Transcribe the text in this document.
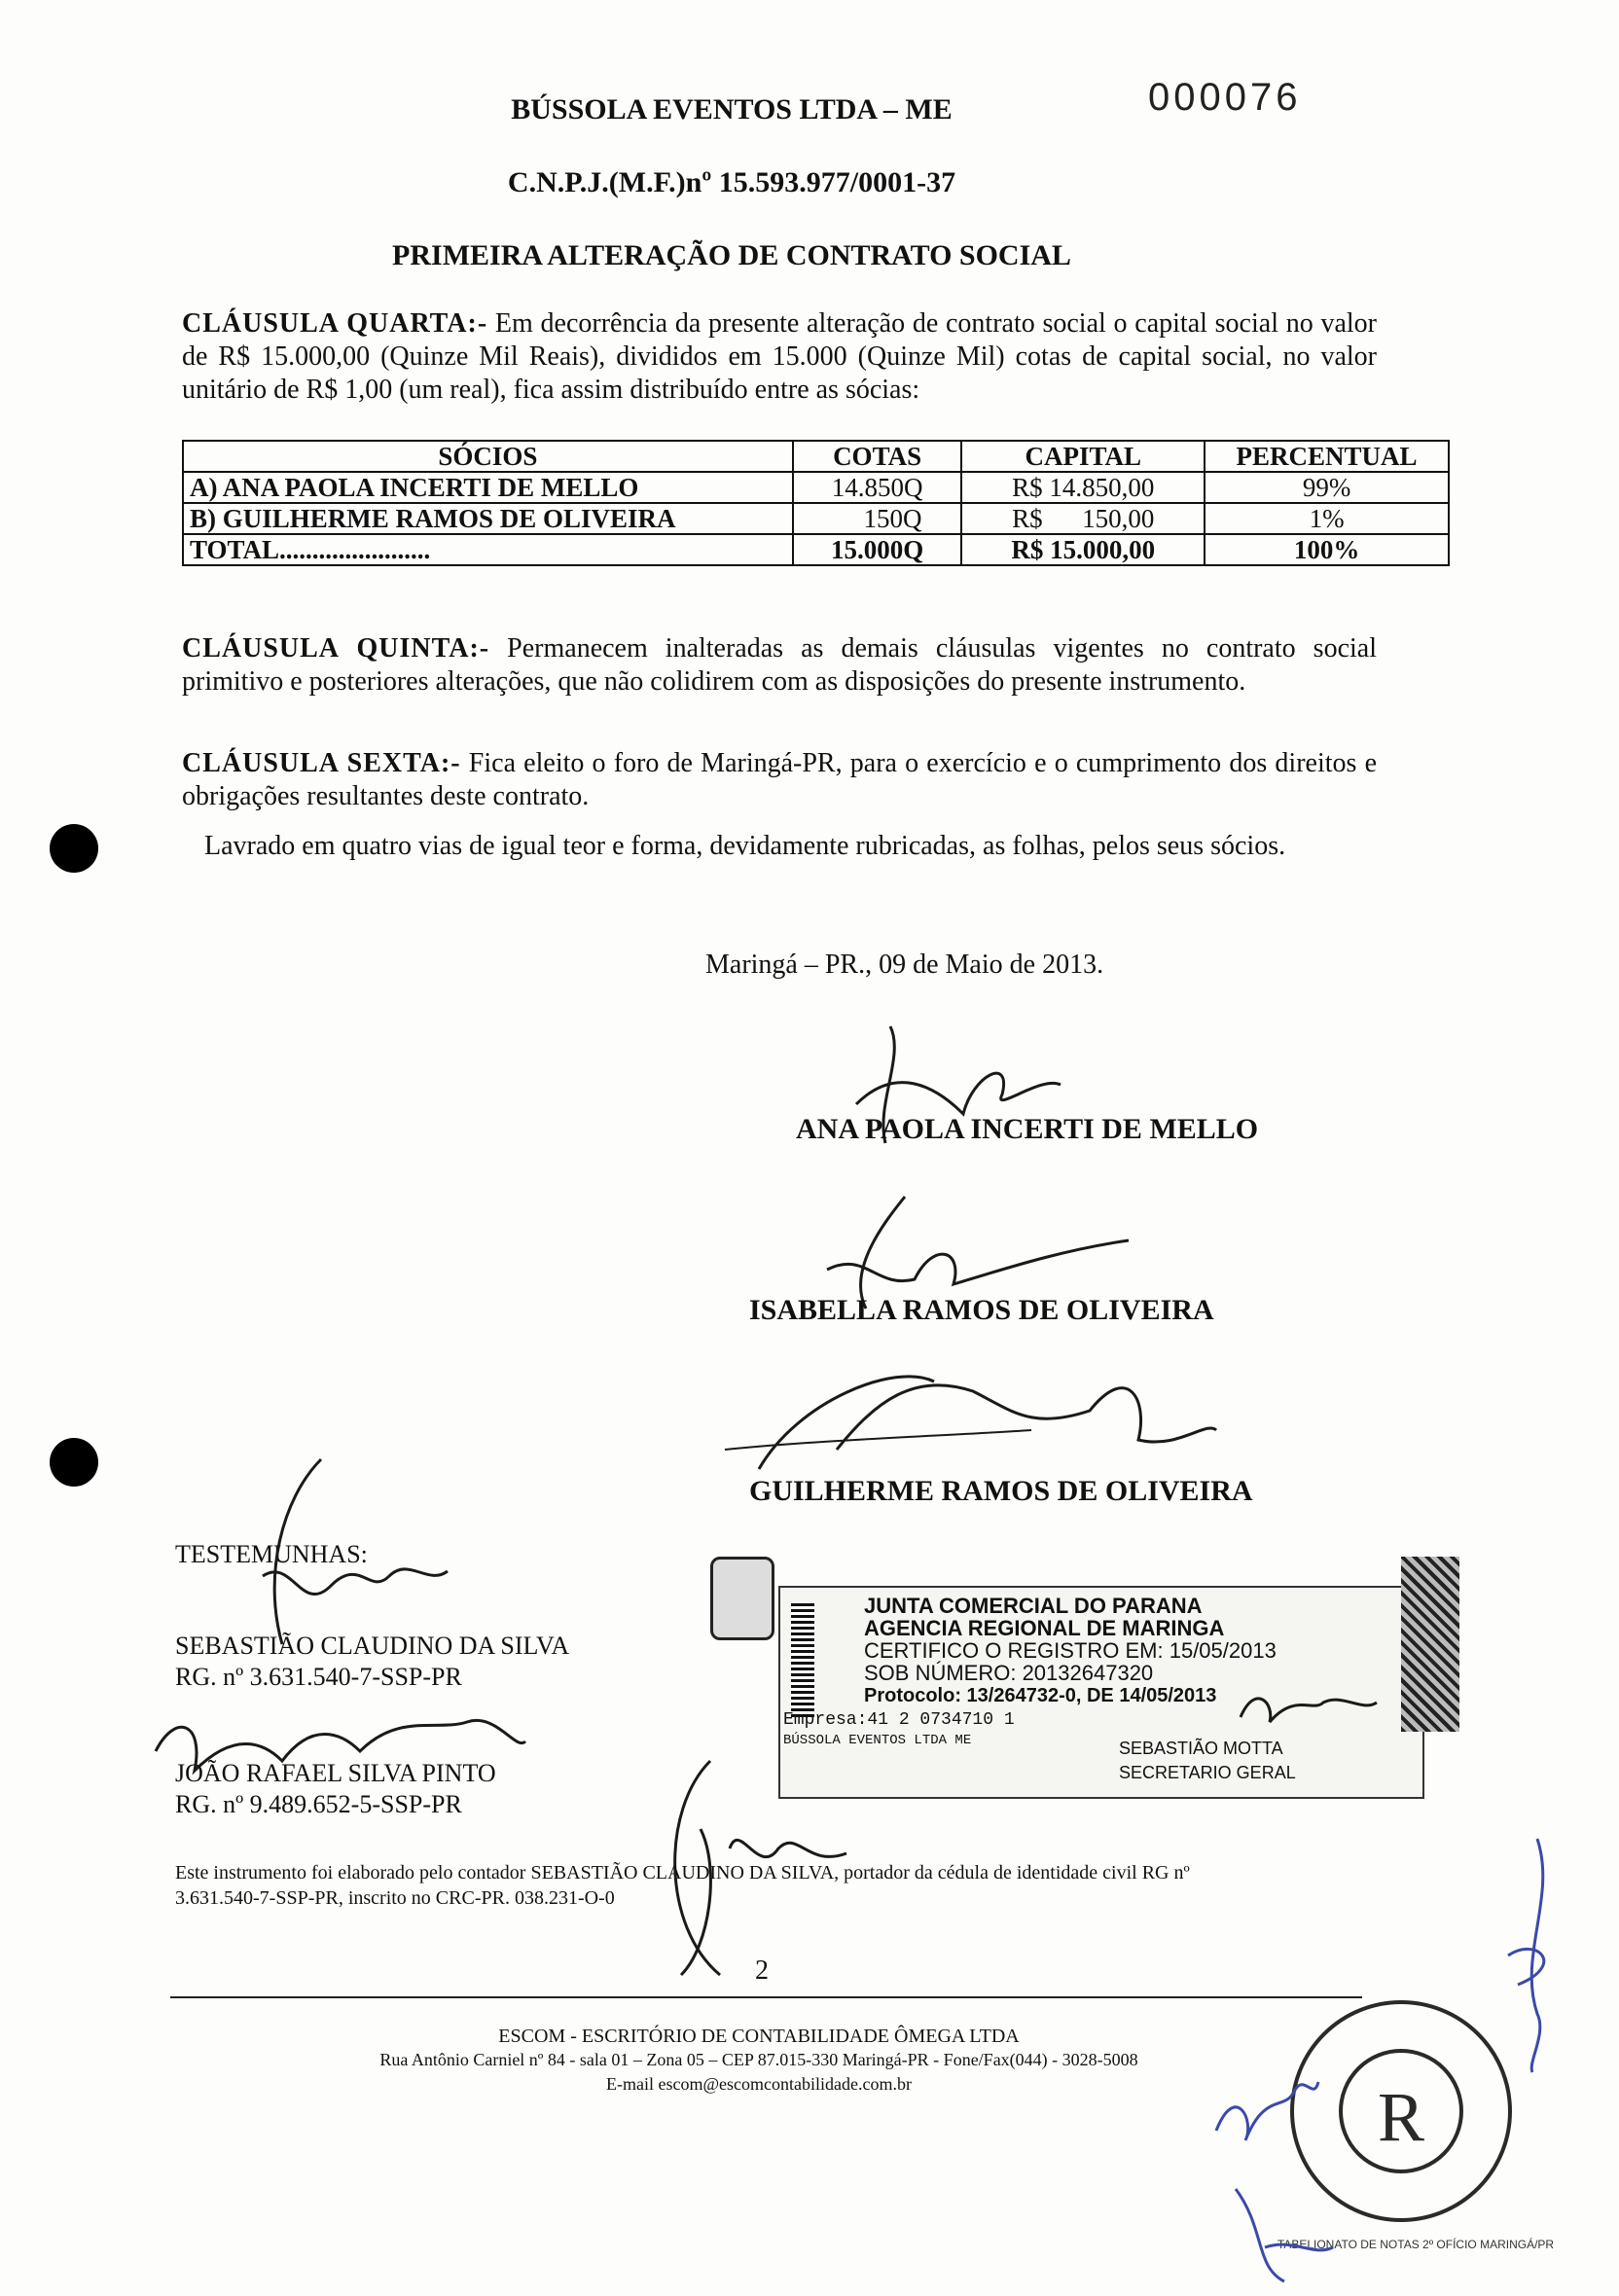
BÚSSOLA EVENTOS LTDA – ME
C.N.P.J.(M.F.)nº 15.593.977/0001-37
PRIMEIRA ALTERAÇÃO DE CONTRATO SOCIAL
000076
CLÁUSULA QUARTA:- Em decorrência da presente alteração de contrato social o capital social no valor de R$ 15.000,00 (Quinze Mil Reais), divididos em 15.000 (Quinze Mil) cotas de capital social, no valor unitário de R$ 1,00 (um real), fica assim distribuído entre as sócias:
SÓCIOS	COTAS	CAPITAL	PERCENTUAL
A) ANA PAOLA INCERTI DE MELLO	14.850Q	R$ 14.850,00	99%
B) GUILHERME RAMOS DE OLIVEIRA	150Q	R$      150,00	1%
TOTAL.......................	15.000Q	R$ 15.000,00	100%
CLÁUSULA QUINTA:- Permanecem inalteradas as demais cláusulas vigentes no contrato social primitivo e posteriores alterações, que não colidirem com as disposições do presente instrumento.
CLÁUSULA SEXTA:- Fica eleito o foro de Maringá-PR, para o exercício e o cumprimento dos direitos e obrigações resultantes deste contrato.
Lavrado em quatro vias de igual teor e forma, devidamente rubricadas, as folhas, pelos seus sócios.
Maringá – PR., 09 de Maio de 2013.
ANA PAOLA INCERTI DE MELLO
ISABELLA RAMOS DE OLIVEIRA
GUILHERME RAMOS DE OLIVEIRA
TESTEMUNHAS:
SEBASTIÃO CLAUDINO DA SILVA
RG. nº 3.631.540-7-SSP-PR
JOÃO RAFAEL SILVA PINTO
RG. nº 9.489.652-5-SSP-PR
JUNTA COMERCIAL DO PARANA
AGENCIA REGIONAL DE MARINGA
CERTIFICO O REGISTRO EM: 15/05/2013
SOB NÚMERO: 20132647320
Protocolo: 13/264732-0, DE 14/05/2013
Empresa:41 2 0734710 1
BÚSSOLA EVENTOS LTDA ME	SEBASTIÃO MOTTA
SECRETARIO GERAL
Este instrumento foi elaborado pelo contador SEBASTIÃO CLAUDINO DA SILVA, portador da cédula de identidade civil RG nº
3.631.540-7-SSP-PR, inscrito no CRC-PR. 038.231-O-0
2
ESCOM - ESCRITÓRIO DE CONTABILIDADE ÔMEGA LTDA
Rua Antônio Carniel nº 84 - sala 01 – Zona 05 – CEP 87.015-330 Maringá-PR - Fone/Fax(044) - 3028-5008
E-mail escom@escomcontabilidade.com.br	R
TABELIONATO DE NOTAS 2º OFÍCIO MARINGÁ/PR
